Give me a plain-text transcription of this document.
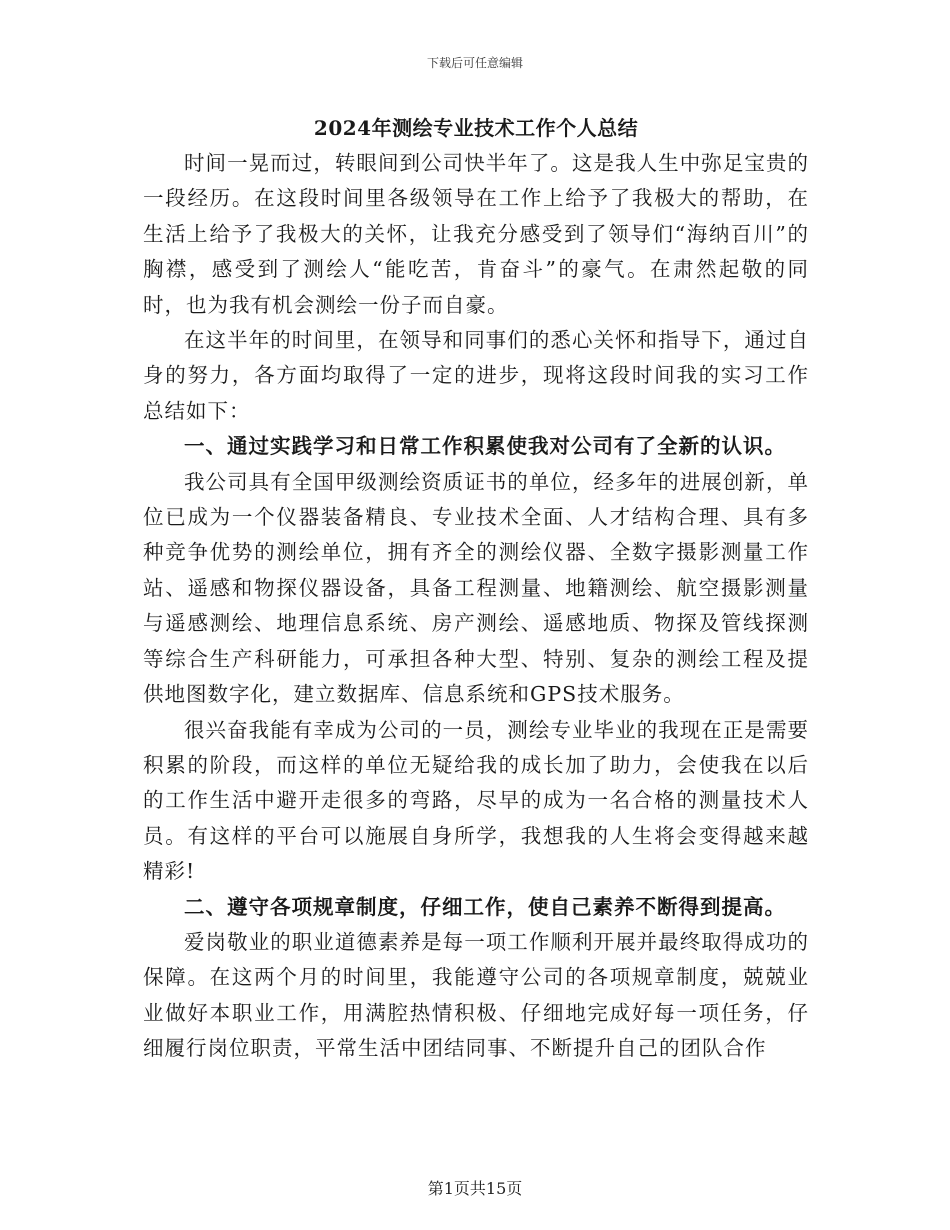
下载后可任意编辑
2024年测绘专业技术工作个人总结

时间一晃而过，转眼间到公司快半年了。这是我人生中弥足宝贵的一段经历。在这段时间里各级领导在工作上给予了我极大的帮助，在生活上给予了我极大的关怀，让我充分感受到了领导们“海纳百川”的胸襟，感受到了测绘人“能吃苦，肯奋斗”的豪气。在肃然起敬的同时，也为我有机会测绘一份子而自豪。

在这半年的时间里，在领导和同事们的悉心关怀和指导下，通过自身的努力，各方面均取得了一定的进步，现将这段时间我的实习工作总结如下：

一、通过实践学习和日常工作积累使我对公司有了全新的认识。

我公司具有全国甲级测绘资质证书的单位，经多年的进展创新，单位已成为一个仪器装备精良、专业技术全面、人才结构合理、具有多种竞争优势的测绘单位，拥有齐全的测绘仪器、全数字摄影测量工作站、遥感和物探仪器设备，具备工程测量、地籍测绘、航空摄影测量与遥感测绘、地理信息系统、房产测绘、遥感地质、物探及管线探测等综合生产科研能力，可承担各种大型、特别、复杂的测绘工程及提供地图数字化，建立数据库、信息系统和GPS技术服务。

很兴奋我能有幸成为公司的一员，测绘专业毕业的我现在正是需要积累的阶段，而这样的单位无疑给我的成长加了助力，会使我在以后的工作生活中避开走很多的弯路，尽早的成为一名合格的测量技术人员。有这样的平台可以施展自身所学，我想我的人生将会变得越来越精彩!

二、遵守各项规章制度，仔细工作，使自己素养不断得到提高。

爱岗敬业的职业道德素养是每一项工作顺利开展并最终取得成功的保障。在这两个月的时间里，我能遵守公司的各项规章制度，兢兢业业做好本职业工作，用满腔热情积极、仔细地完成好每一项任务，仔细履行岗位职责，平常生活中团结同事、不断提升自己的团队合作

第1页共15页
